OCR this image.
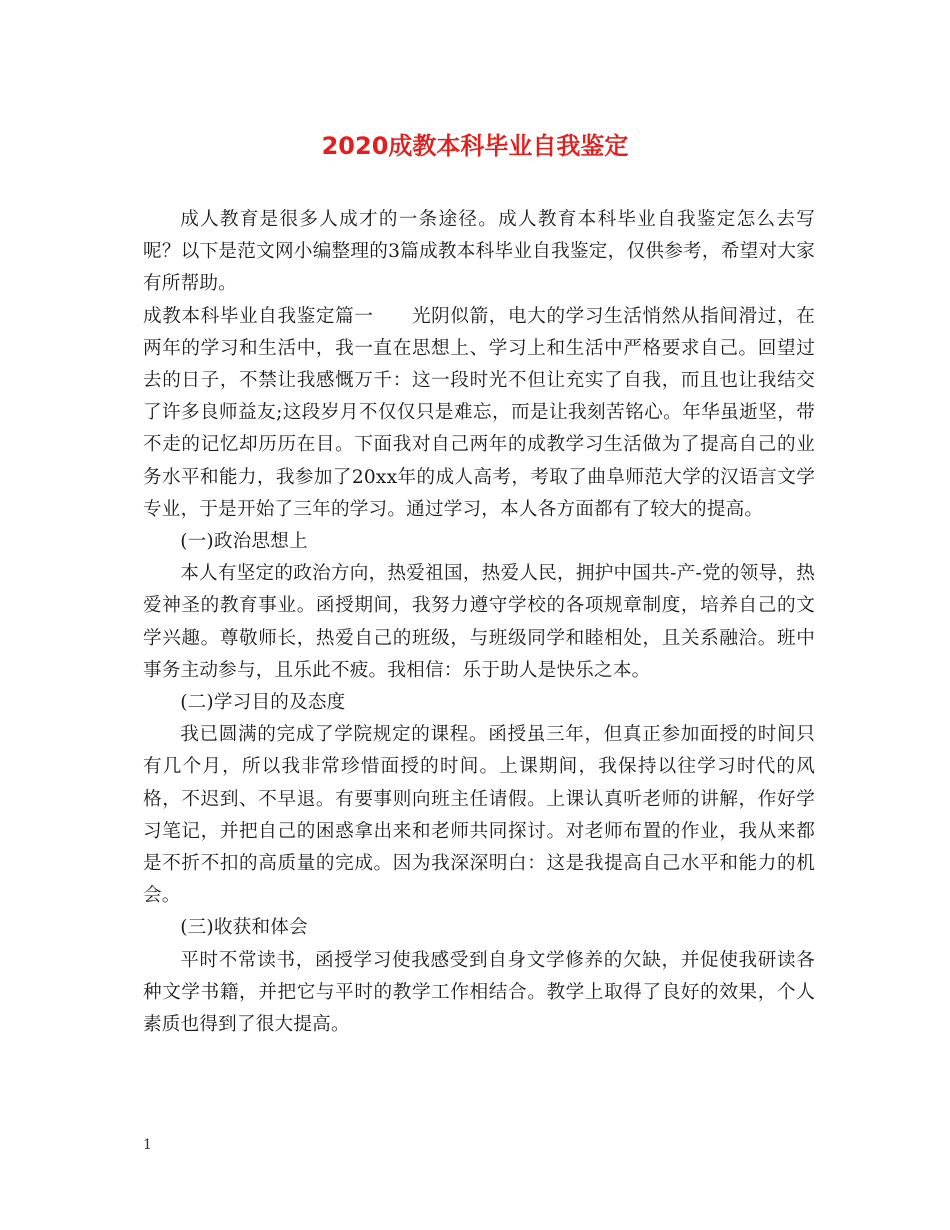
2020成教本科毕业自我鉴定

成人教育是很多人成才的一条途径。成人教育本科毕业自我鉴定怎么去写呢？以下是范文网小编整理的3篇成教本科毕业自我鉴定，仅供参考，希望对大家有所帮助。

成教本科毕业自我鉴定篇一　　光阴似箭，电大的学习生活悄然从指间滑过，在两年的学习和生活中，我一直在思想上、学习上和生活中严格要求自己。回望过去的日子，不禁让我感慨万千：这一段时光不但让充实了自我，而且也让我结交了许多良师益友;这段岁月不仅仅只是难忘，而是让我刻苦铭心。年华虽逝坚，带不走的记忆却历历在目。下面我对自己两年的成教学习生活做为了提高自己的业务水平和能力，我参加了20xx年的成人高考，考取了曲阜师范大学的汉语言文学专业，于是开始了三年的学习。通过学习，本人各方面都有了较大的提高。

(一)政治思想上

本人有坚定的政治方向，热爱祖国，热爱人民，拥护中国共-产-党的领导，热爱神圣的教育事业。函授期间，我努力遵守学校的各项规章制度，培养自己的文学兴趣。尊敬师长，热爱自己的班级，与班级同学和睦相处，且关系融洽。班中事务主动参与，且乐此不疲。我相信：乐于助人是快乐之本。

(二)学习目的及态度

我已圆满的完成了学院规定的课程。函授虽三年，但真正参加面授的时间只有几个月，所以我非常珍惜面授的时间。上课期间，我保持以往学习时代的风格，不迟到、不早退。有要事则向班主任请假。上课认真听老师的讲解，作好学习笔记，并把自己的困惑拿出来和老师共同探讨。对老师布置的作业，我从来都是不折不扣的高质量的完成。因为我深深明白：这是我提高自己水平和能力的机会。

(三)收获和体会

平时不常读书，函授学习使我感受到自身文学修养的欠缺，并促使我研读各种文学书籍，并把它与平时的教学工作相结合。教学上取得了良好的效果，个人素质也得到了很大提高。

1
